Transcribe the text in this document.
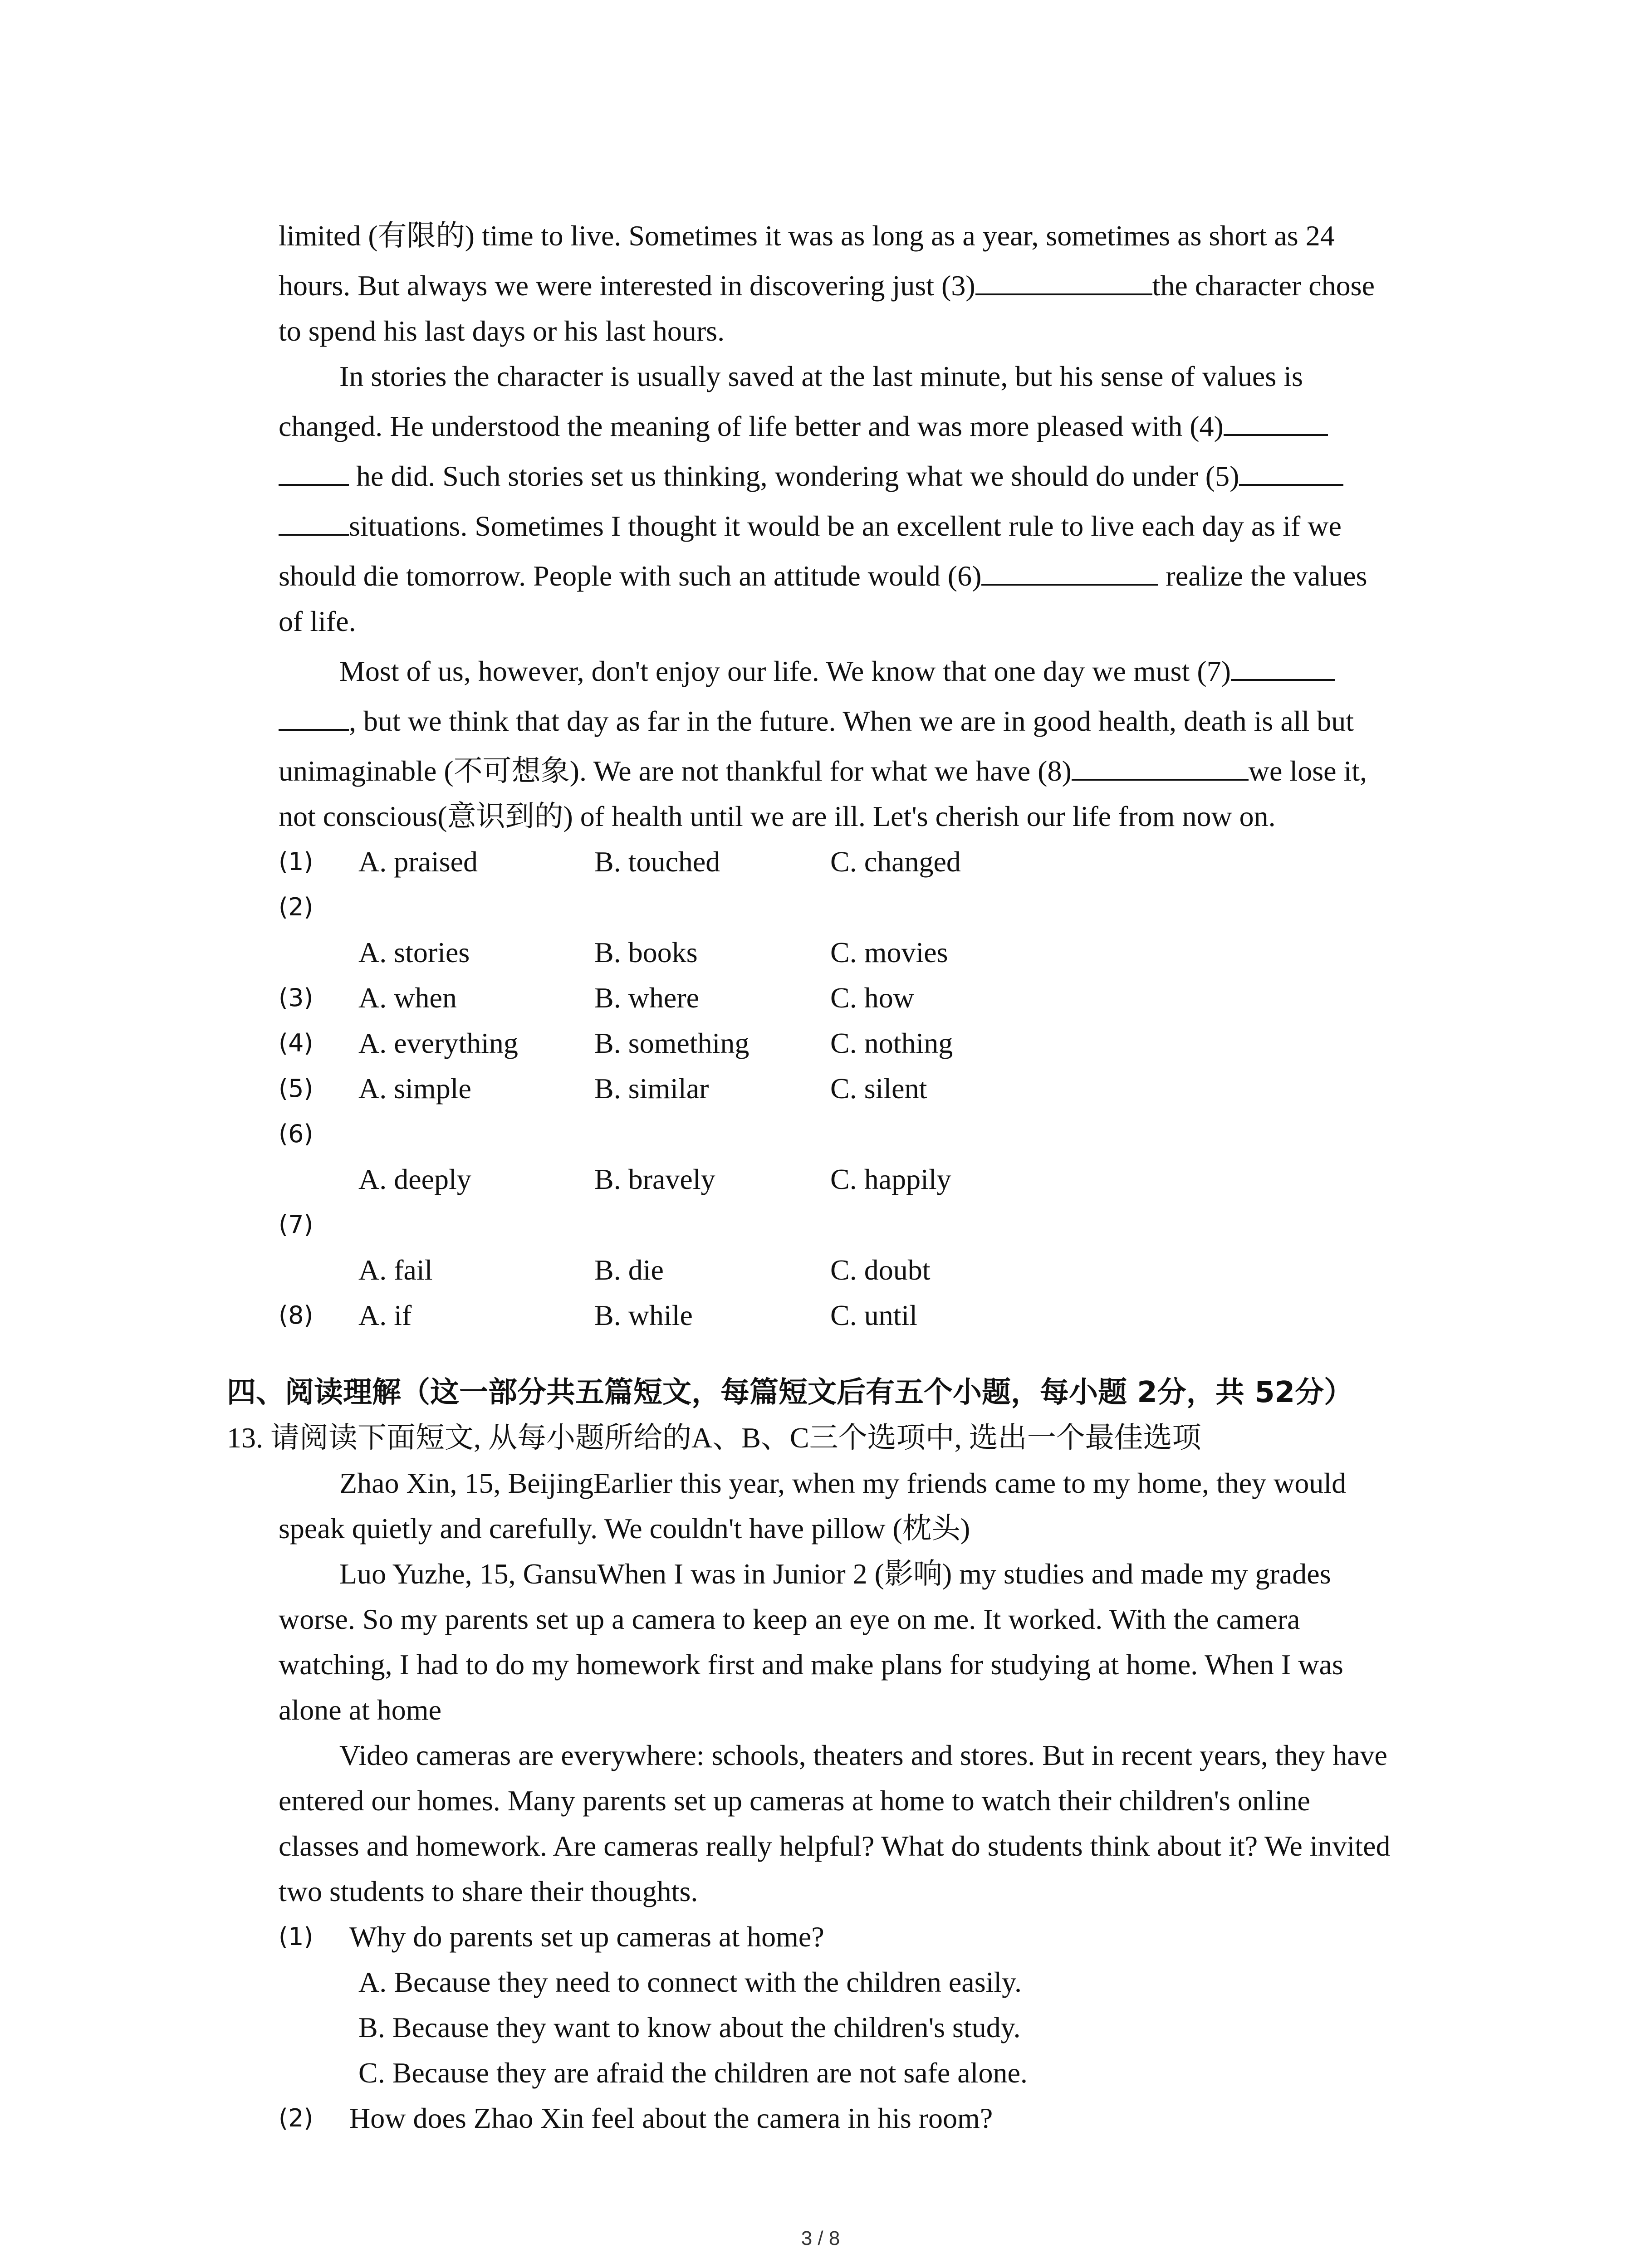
limited (有限的) time to live. Sometimes it was as long as a year, sometimes as short as 24
hours. But always we were interested in discovering just (3)	the character chose
to spend his last days or his last hours.
In stories the character is usually saved at the last minute, but his sense of values is
changed. He understood the meaning of life better and was more pleased with (4)
he did. Such stories set us thinking, wondering what we should do under (5)
situations. Sometimes I thought it would be an excellent rule to live each day as if we
should die tomorrow. People with such an attitude would (6)	realize the values
of life.
Most of us, however, don't enjoy our life. We know that one day we must (7)
, but we think that day as far in the future. When we are in good health, death is all but
unimaginable (不可想象). We are not thankful for what we have (8)	we lose it,
not conscious(意识到的) of health until we are ill. Let's cherish our life from now on.
(1) A. praised	B. touched	C. changed
(2)
A. stories	B. books	C. movies
(3) A. when	B. where	C. how
(4) A. everything	B. something	C. nothing
(5) A. simple	B. similar	C. silent
(6)
A. deeply	B. bravely	C. happily
(7)
A. fail	B. die	C. doubt
(8) A. if	B. while	C. until
四、阅读理解（这一部分共五篇短文，每篇短文后有五个小题，每小题 2分，共 52分）
13. 请阅读下面短文, 从每小题所给的A、B、C三个选项中, 选出一个最佳选项
Zhao Xin, 15, BeijingEarlier this year, when my friends came to my home, they would
speak quietly and carefully. We couldn't have pillow (枕头)
Luo Yuzhe, 15, GansuWhen I was in Junior 2 (影响) my studies and made my grades
worse. So my parents set up a camera to keep an eye on me. It worked. With the camera
watching, I had to do my homework first and make plans for studying at home. When I was
alone at home
Video cameras are everywhere: schools, theaters and stores. But in recent years, they have
entered our homes. Many parents set up cameras at home to watch their children's online
classes and homework. Are cameras really helpful? What do students think about it? We invited
two students to share their thoughts.
(1) Why do parents set up cameras at home?
A. Because they need to connect with the children easily.
B. Because they want to know about the children's study.
C. Because they are afraid the children are not safe alone.
(2) How does Zhao Xin feel about the camera in his room?
3 / 8
